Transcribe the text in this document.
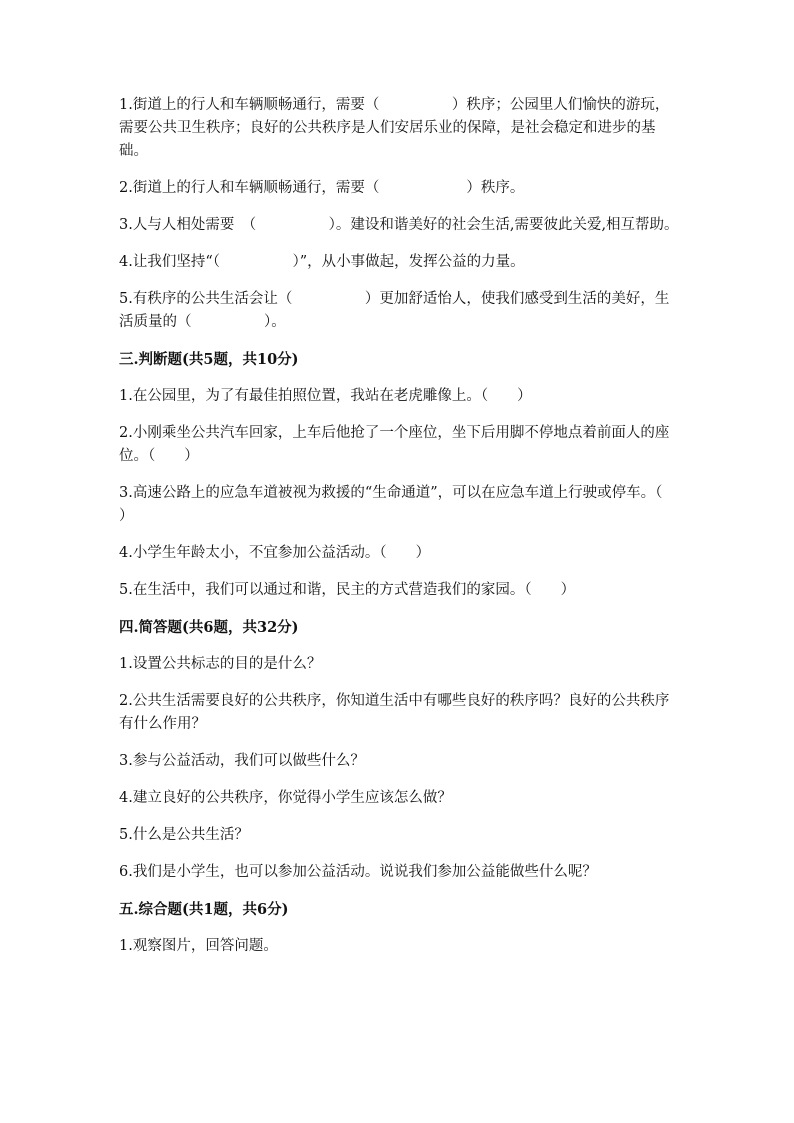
1.街道上的行人和车辆顺畅通行，需要（　　　　　）秩序；公园里人们愉快的游玩，需要公共卫生秩序；良好的公共秩序是人们安居乐业的保障，是社会稳定和进步的基础。

2.街道上的行人和车辆顺畅通行，需要（　　　　　　）秩序。

3.人与人相处需要　（　　　　　）。建设和谐美好的社会生活,需要彼此关爱,相互帮助。

4.让我们坚持“（　　　　　）”，从小事做起，发挥公益的力量。

5.有秩序的公共生活会让（　　　　　）更加舒适怡人，使我们感受到生活的美好，生活质量的（　　　　　）。

三.判断题(共5题，共10分)

1.在公园里，为了有最佳拍照位置，我站在老虎雕像上。（　　）

2.小刚乘坐公共汽车回家，上车后他抢了一个座位，坐下后用脚不停地点着前面人的座位。（　　）

3.高速公路上的应急车道被视为救援的“生命通道”，可以在应急车道上行驶或停车。（　　）

4.小学生年龄太小，不宜参加公益活动。（　　）

5.在生活中，我们可以通过和谐，民主的方式营造我们的家园。（　　）

四.简答题(共6题，共32分)

1.设置公共标志的目的是什么？

2.公共生活需要良好的公共秩序，你知道生活中有哪些良好的秩序吗？良好的公共秩序有什么作用？

3.参与公益活动，我们可以做些什么？

4.建立良好的公共秩序，你觉得小学生应该怎么做？

5.什么是公共生活？

6.我们是小学生，也可以参加公益活动。说说我们参加公益能做些什么呢？

五.综合题(共1题，共6分)

1.观察图片，回答问题。
